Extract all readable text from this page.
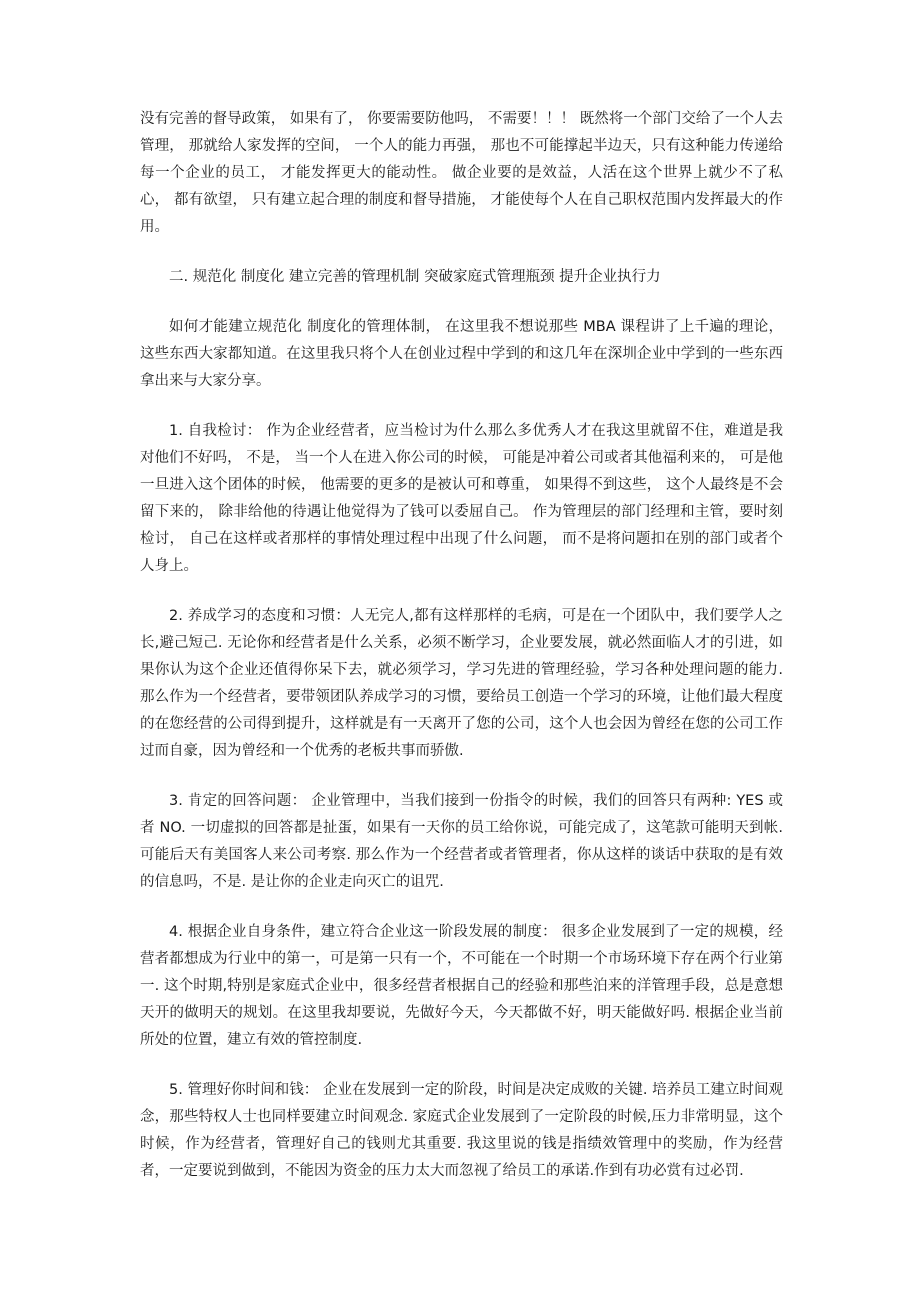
没有完善的督导政策， 如果有了， 你要需要防他吗， 不需要！！！ 既然将一个部门交给了一个人去管理， 那就给人家发挥的空间， 一个人的能力再强， 那也不可能撑起半边天，只有这种能力传递给每一个企业的员工， 才能发挥更大的能动性。 做企业要的是效益，人活在这个世界上就少不了私心， 都有欲望， 只有建立起合理的制度和督导措施， 才能使每个人在自己职权范围内发挥最大的作用。

二. 规范化 制度化 建立完善的管理机制 突破家庭式管理瓶颈 提升企业执行力

如何才能建立规范化 制度化的管理体制， 在这里我不想说那些 MBA 课程讲了上千遍的理论， 这些东西大家都知道。在这里我只将个人在创业过程中学到的和这几年在深圳企业中学到的一些东西拿出来与大家分享。

1. 自我检讨： 作为企业经营者，应当检讨为什么那么多优秀人才在我这里就留不住，难道是我对他们不好吗， 不是， 当一个人在进入你公司的时候， 可能是冲着公司或者其他福利来的， 可是他一旦进入这个团体的时候， 他需要的更多的是被认可和尊重， 如果得不到这些， 这个人最终是不会留下来的， 除非给他的待遇让他觉得为了钱可以委屈自己。 作为管理层的部门经理和主管，要时刻检讨， 自己在这样或者那样的事情处理过程中出现了什么问题， 而不是将问题扣在别的部门或者个人身上。

2. 养成学习的态度和习惯：人无完人,都有这样那样的毛病，可是在一个团队中，我们要学人之长,避己短己. 无论你和经营者是什么关系，必须不断学习，企业要发展，就必然面临人才的引进，如果你认为这个企业还值得你呆下去，就必须学习，学习先进的管理经验，学习各种处理问题的能力. 那么作为一个经营者，要带领团队养成学习的习惯，要给员工创造一个学习的环境，让他们最大程度的在您经营的公司得到提升，这样就是有一天离开了您的公司，这个人也会因为曾经在您的公司工作过而自豪，因为曾经和一个优秀的老板共事而骄傲.

3. 肯定的回答问题： 企业管理中，当我们接到一份指令的时候，我们的回答只有两种: YES 或者 NO. 一切虚拟的回答都是扯蛋，如果有一天你的员工给你说，可能完成了，这笔款可能明天到帐. 可能后天有美国客人来公司考察. 那么作为一个经营者或者管理者，你从这样的谈话中获取的是有效的信息吗，不是. 是让你的企业走向灭亡的诅咒.

4. 根据企业自身条件，建立符合企业这一阶段发展的制度： 很多企业发展到了一定的规模，经营者都想成为行业中的第一，可是第一只有一个，不可能在一个时期一个市场环境下存在两个行业第一. 这个时期,特别是家庭式企业中，很多经营者根据自己的经验和那些泊来的洋管理手段，总是意想天开的做明天的规划。在这里我却要说，先做好今天，今天都做不好，明天能做好吗. 根据企业当前所处的位置，建立有效的管控制度.

5. 管理好你时间和钱： 企业在发展到一定的阶段，时间是决定成败的关键. 培养员工建立时间观念，那些特权人士也同样要建立时间观念. 家庭式企业发展到了一定阶段的时候,压力非常明显，这个时候，作为经营者，管理好自己的钱则尤其重要. 我这里说的钱是指绩效管理中的奖励，作为经营者，一定要说到做到，不能因为资金的压力太大而忽视了给员工的承诺.作到有功必赏有过必罚.
